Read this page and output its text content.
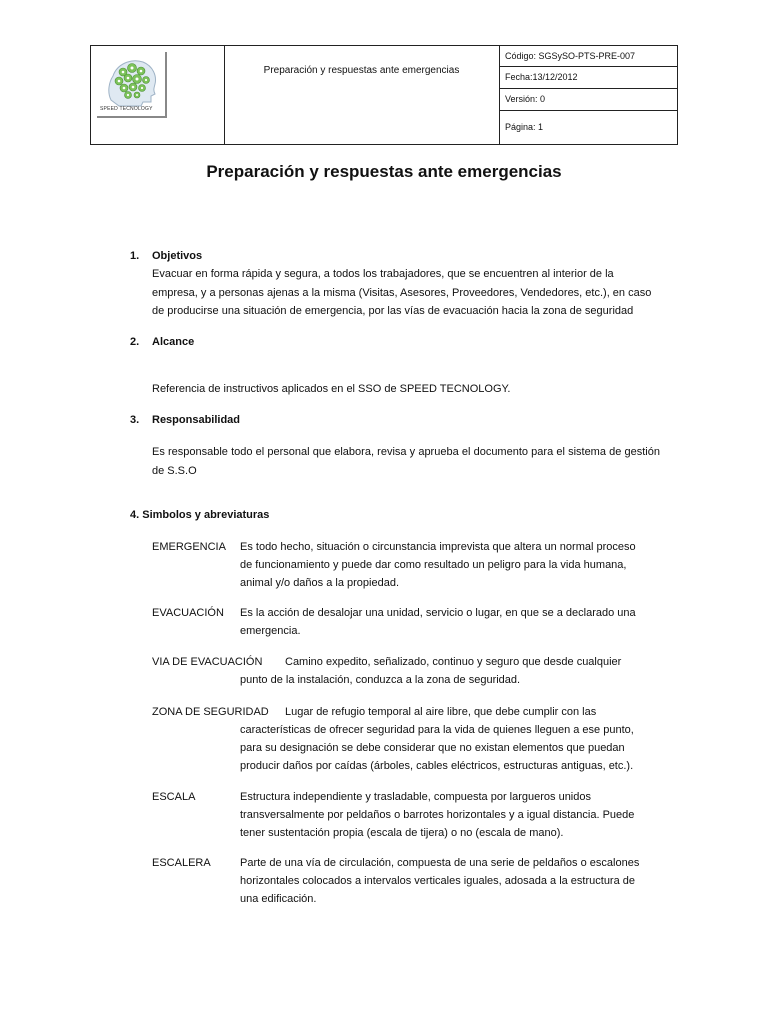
SPEED TECNOLOGY
Preparación y respuestas ante emergencias
Código: SGSySO-PTS-PRE-007
Fecha:13/12/2012
Versión: 0
Página: 1
Preparación y respuestas ante emergencias
1. Objetivos
Evacuar en forma rápida y segura, a todos los trabajadores, que se encuentren al interior de la
empresa, y a personas ajenas a la misma (Visitas, Asesores, Proveedores, Vendedores, etc.), en caso
de producirse una situación de emergencia, por las vías de evacuación hacia la zona de seguridad
2. Alcance
Referencia de instructivos aplicados en el SSO de SPEED TECNOLOGY.
3. Responsabilidad
Es responsable todo el personal que elabora, revisa y aprueba el documento para el sistema de gestión de S.S.O
4. Simbolos y abreviaturas
EMERGENCIA Es todo hecho, situación o circunstancia imprevista que altera un normal proceso
de funcionamiento y puede dar como resultado un peligro para la vida humana,
animal y/o daños a la propiedad.
EVACUACIÓN Es la acción de desalojar una unidad, servicio o lugar, en que se a declarado una
emergencia.
VIA DE EVACUACIÓN Camino expedito, señalizado, continuo y seguro que desde cualquier
punto de la instalación, conduzca a la zona de seguridad.
ZONA DE SEGURIDAD Lugar de refugio temporal al aire libre, que debe cumplir con las
características de ofrecer seguridad para la vida de quienes lleguen a ese punto,
para su designación se debe considerar que no existan elementos que puedan
producir daños por caídas (árboles, cables eléctricos, estructuras antiguas, etc.).
ESCALA	Estructura independiente y trasladable, compuesta por largueros unidos
transversalmente por peldaños o barrotes horizontales y a igual distancia. Puede
tener sustentación propia (escala de tijera) o no (escala de mano).
ESCALERA	Parte de una vía de circulación, compuesta de una serie de peldaños o escalones
horizontales colocados a intervalos verticales iguales, adosada a la estructura de
una edificación.
